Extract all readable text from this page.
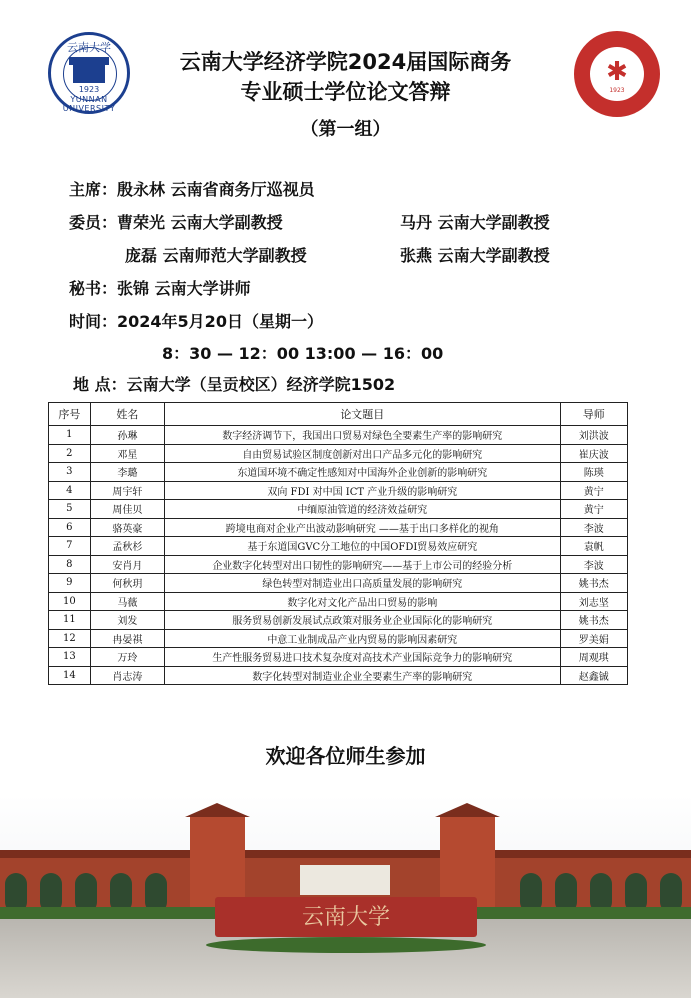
云南大学
1923
YUNNAN UNIVERSITY
✱
1923
云南大学经济学院2024届国际商务
专业硕士学位论文答辩
（第一组）
主席：殷永林 云南省商务厅巡视员
委员：曹荣光 云南大学副教授	马丹 云南大学副教授
庞磊 云南师范大学副教授	张燕 云南大学副教授
秘书：张锦 云南大学讲师
时间：2024年5月20日（星期一）
8：30 — 12：00 13:00 — 16：00
地 点：云南大学（呈贡校区）经济学院1502
序号	姓名	论文题目	导师
1	孙琳	数字经济调节下，我国出口贸易对绿色全要素生产率的影响研究	刘洪波
2	邓星	自由贸易试验区制度创新对出口产品多元化的影响研究	崔庆波
3	李璐	东道国环境不确定性感知对中国海外企业创新的影响研究	陈瑛
4	周宇轩	双向 FDI 对中国 ICT 产业升级的影响研究	黄宁
5	周佳贝	中缅原油管道的经济效益研究	黄宁
6	骆英豪	跨境电商对企业产出波动影响研究 ——基于出口多样化的视角	李波
7	孟秋杉	基于东道国GVC分工地位的中国OFDI贸易效应研究	袁帆
8	安肖月	企业数字化转型对出口韧性的影响研究——基于上市公司的经验分析	李波
9	何秋玥	绿色转型对制造业出口高质量发展的影响研究	姚书杰
10	马薇	数字化对文化产品出口贸易的影响	刘志坚
11	刘发	服务贸易创新发展试点政策对服务业企业国际化的影响研究	姚书杰
12	冉晏祺	中意工业制成品产业内贸易的影响因素研究	罗美娟
13	万玲	生产性服务贸易进口技术复杂度对高技术产业国际竞争力的影响研究	周观琪
14	肖志涛	数字化转型对制造业企业全要素生产率的影响研究	赵鑫铖
欢迎各位师生参加
云南大学
